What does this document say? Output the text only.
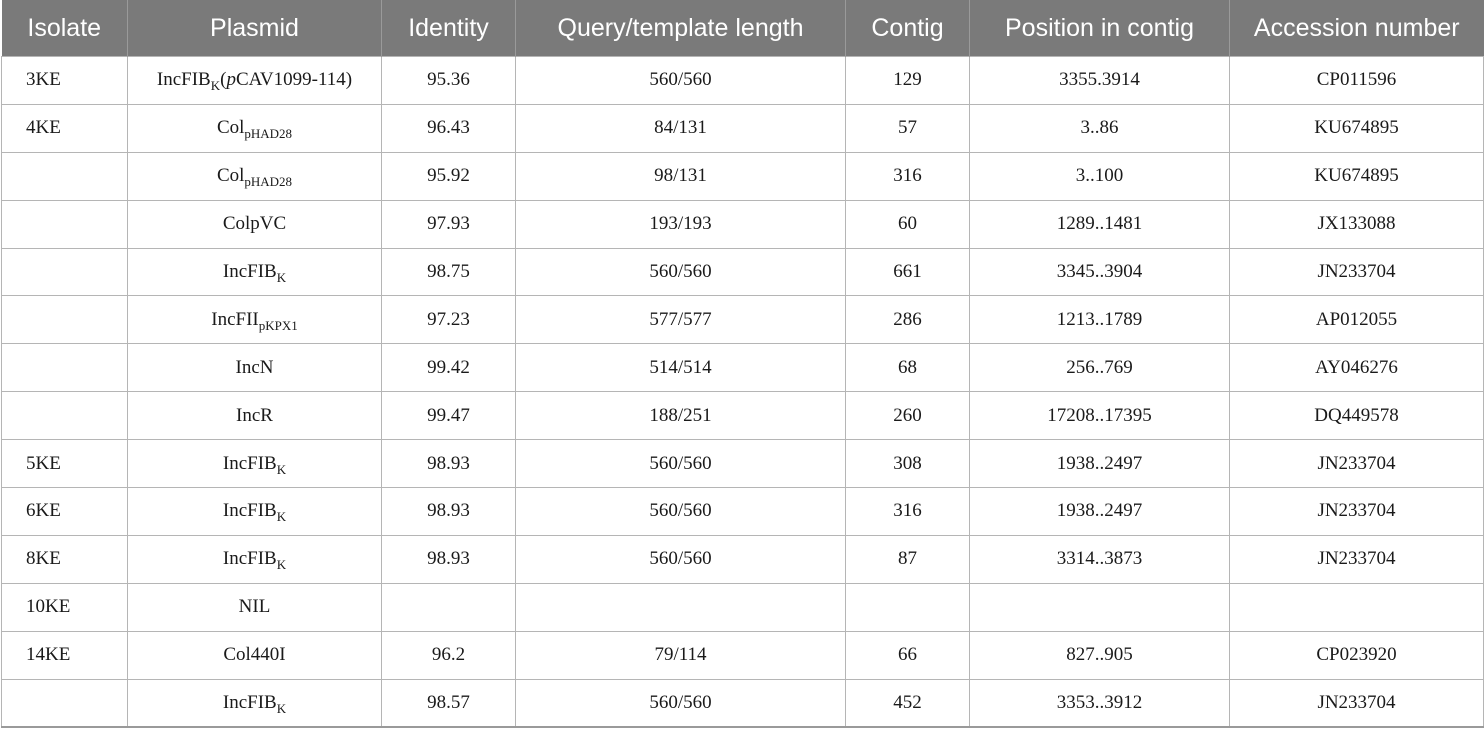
Isolate	Plasmid	Identity	Query/template length	Contig	Position in contig	Accession number
3KE	IncFIB$_K$(pCAV1099-114)	95.36	560/560	129	3355.3914	CP011596
4KE	Col$_{pHAD28}$	96.43	84/131	57	3..86	KU674895
	Col$_{pHAD28}$	95.92	98/131	316	3..100	KU674895
	ColpVC	97.93	193/193	60	1289..1481	JX133088
	IncFIB$_K$	98.75	560/560	661	3345..3904	JN233704
	IncFII$_{pKPX1}$	97.23	577/577	286	1213..1789	AP012055
	IncN	99.42	514/514	68	256..769	AY046276
	IncR	99.47	188/251	260	17208..17395	DQ449578
5KE	IncFIB$_K$	98.93	560/560	308	1938..2497	JN233704
6KE	IncFIB$_K$	98.93	560/560	316	1938..2497	JN233704
8KE	IncFIB$_K$	98.93	560/560	87	3314..3873	JN233704
10KE	NIL					
14KE	Col440I	96.2	79/114	66	827..905	CP023920
	IncFIB$_K$	98.57	560/560	452	3353..3912	JN233704
